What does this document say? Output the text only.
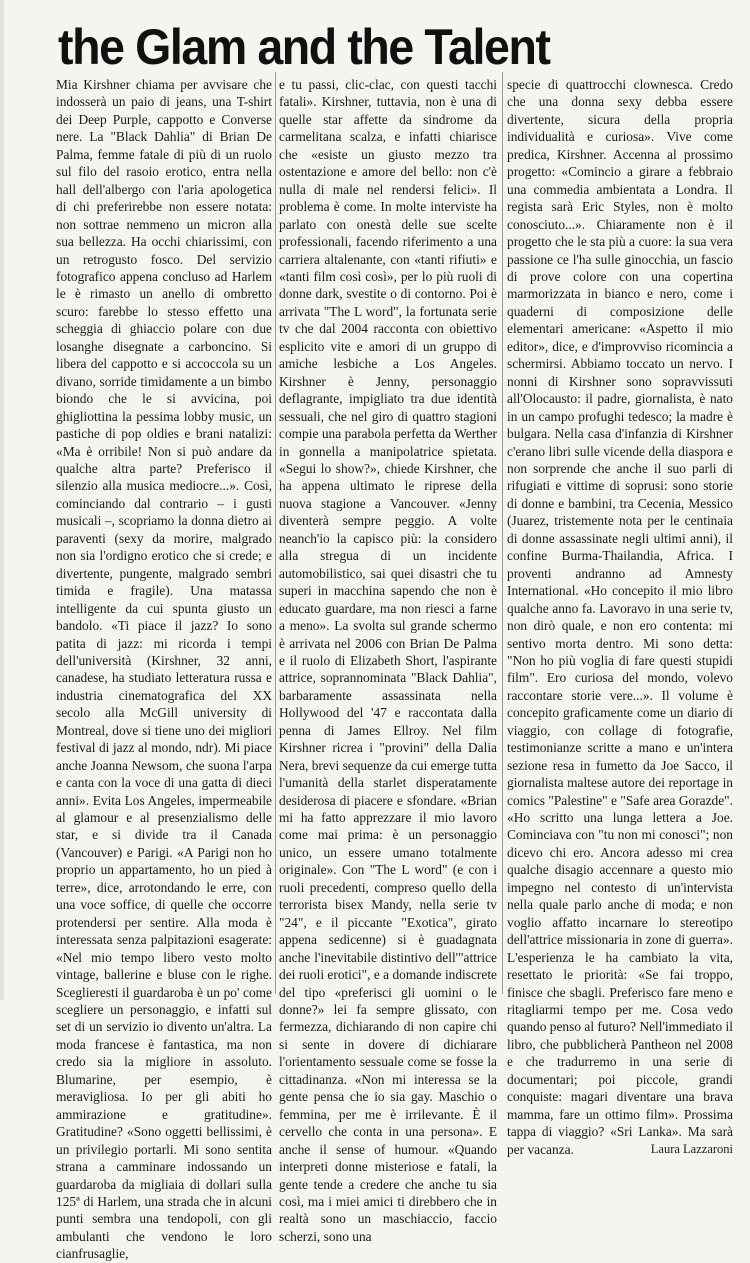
the Glam and the Talent

Mia Kirshner chiama per avvisare che indosserà un paio di jeans, una T-shirt dei Deep Purple, cappotto e Converse nere. La "Black Dahlia" di Brian De Palma, femme fatale di più di un ruolo sul filo del rasoio erotico, entra nella hall dell'albergo con l'aria apologetica di chi preferirebbe non essere notata: non sottrae nemmeno un micron alla sua bellezza. Ha occhi chiarissimi, con un retrogusto fosco. Del servizio fotografico appena concluso ad Harlem le è rimasto un anello di ombretto scuro: farebbe lo stesso effetto una scheggia di ghiaccio polare con due losanghe disegnate a carboncino. Si libera del cappotto e si accoccola su un divano, sorride timidamente a un bimbo biondo che le si avvicina, poi ghigliottina la pessima lobby music, un pastiche di pop oldies e brani natalizi: «Ma è orribile! Non si può andare da qualche altra parte? Preferisco il silenzio alla musica mediocre...». Così, cominciando dal contrario – i gusti musicali –, scopriamo la donna dietro ai paraventi (sexy da morire, malgrado non sia l'ordigno erotico che si crede; e divertente, pungente, malgrado sembri timida e fragile). Una matassa intelligente da cui spunta giusto un bandolo. «Ti piace il jazz? Io sono patita di jazz: mi ricorda i tempi dell'università (Kirshner, 32 anni, canadese, ha studiato letteratura russa e industria cinematografica del XX secolo alla McGill university di Montreal, dove si tiene uno dei migliori festival di jazz al mondo, ndr). Mi piace anche Joanna Newsom, che suona l'arpa e canta con la voce di una gatta di dieci anni». Evita Los Angeles, impermeabile al glamour e al presenzialismo delle star, e si divide tra il Canada (Vancouver) e Parigi. «A Parigi non ho proprio un appartamento, ho un pied à terre», dice, arrotondando le erre, con una voce soffice, di quelle che occorre protendersi per sentire. Alla moda è interessata senza palpitazioni esagerate: «Nel mio tempo libero vesto molto vintage, ballerine e bluse con le righe. Sceglieresti il guardaroba è un po' come scegliere un personaggio, e infatti sul set di un servizio io divento un'altra. La moda francese è fantastica, ma non credo sia la migliore in assoluto. Blumarine, per esempio, è meravigliosa. Io per gli abiti ho ammirazione e gratitudine». Gratitudine? «Sono oggetti bellissimi, è un privilegio portarli. Mi sono sentita strana a camminare indossando un guardaroba da migliaia di dollari sulla 125ª di Harlem, una strada che in alcuni punti sembra una tendopoli, con gli ambulanti che vendono le loro cianfrusaglie,

e tu passi, clic-clac, con questi tacchi fatali». Kirshner, tuttavia, non è una di quelle star affette da sindrome da carmelitana scalza, e infatti chiarisce che «esiste un giusto mezzo tra ostentazione e amore del bello: non c'è nulla di male nel rendersi felici». Il problema è come. In molte interviste ha parlato con onestà delle sue scelte professionali, facendo riferimento a una carriera altalenante, con «tanti rifiuti» e «tanti film così così», per lo più ruoli di donne dark, svestite o di contorno. Poi è arrivata "The L word", la fortunata serie tv che dal 2004 racconta con obiettivo esplicito vite e amori di un gruppo di amiche lesbiche a Los Angeles. Kirshner è Jenny, personaggio deflagrante, impigliato tra due identità sessuali, che nel giro di quattro stagioni compie una parabola perfetta da Werther in gonnella a manipolatrice spietata. «Segui lo show?», chiede Kirshner, che ha appena ultimato le riprese della nuova stagione a Vancouver. «Jenny diventerà sempre peggio. A volte neanch'io la capisco più: la considero alla stregua di un incidente automobilistico, sai quei disastri che tu superi in macchina sapendo che non è educato guardare, ma non riesci a farne a meno». La svolta sul grande schermo è arrivata nel 2006 con Brian De Palma e il ruolo di Elizabeth Short, l'aspirante attrice, soprannominata "Black Dahlia", barbaramente assassinata nella Hollywood del '47 e raccontata dalla penna di James Ellroy. Nel film Kirshner ricrea i "provini" della Dalia Nera, brevi sequenze da cui emerge tutta l'umanità della starlet disperatamente desiderosa di piacere e sfondare. «Brian mi ha fatto apprezzare il mio lavoro come mai prima: è un personaggio unico, un essere umano totalmente originale». Con "The L word" (e con i ruoli precedenti, compreso quello della terrorista bisex Mandy, nella serie tv "24", e il piccante "Exotica", giratо appena sedicenne) si è guadagnata anche l'inevitabile distintivo dell'"attrice dei ruoli erotici", e a domande indiscrete del tipo «preferisci gli uomini o le donne?» lei fa sempre glissato, con fermezza, dichiarando di non capire chi si sente in dovere di dichiarare l'orientamento sessuale come se fosse la cittadinanza. «Non mi interessa se la gente pensa che io sia gay. Maschio o femmina, per me è irrilevante. È il cervello che conta in una persona». E anche il sense of humour. «Quando interpreti donne misteriose e fatali, la gente tende a credere che anche tu sia così, ma i miei amici ti direbbero che in realtà sono un maschiaccio, faccio scherzi, sono una

specie di quattrocchi clownesca. Credo che una donna sexy debba essere divertente, sicura della propria individualità e curiosa». Vive come predica, Kirshner. Accenna al prossimo progetto: «Comincio a girare a febbraio una commedia ambientata a Londra. Il regista sarà Eric Styles, non è molto conosciuto...». Chiaramente non è il progetto che le sta più a cuore: la sua vera passione ce l'ha sulle ginocchia, un fascio di prove colore con una copertina marmorizzata in bianco e nero, come i quaderni di composizione delle elementari americane: «Aspetto il mio editor», dice, e d'improvviso ricomincia a schermirsi. Abbiamo toccato un nervo. I nonni di Kirshner sono sopravvissuti all'Olocausto: il padre, giornalista, è nato in un campo profughi tedesco; la madre è bulgara. Nella casa d'infanzia di Kirshner c'erano libri sulle vicende della diaspora e non sorprende che anche il suo parli di rifugiati e vittime di soprusi: sono storie di donne e bambini, tra Cecenia, Messico (Juarez, tristemente nota per le centinaia di donne assassinate negli ultimi anni), il confine Burma-Thailandia, Africa. I proventi andranno ad Amnesty International. «Ho concepito il mio libro qualche anno fa. Lavoravo in una serie tv, non dirò quale, e non ero contenta: mi sentivo morta dentro. Mi sono detta: "Non ho più voglia di fare questi stupidi film". Ero curiosa del mondo, volevo raccontare storie vere...». Il volume è concepito graficamente come un diario di viaggio, con collage di fotografie, testimonianze scritte a mano e un'intera sezione resa in fumetto da Joe Sacco, il giornalista maltese autore dei reportage in comics "Palestine" e "Safe area Gorazde". «Ho scritto una lunga lettera a Joe. Cominciava con "tu non mi conosci"; non dicevo chi ero. Ancora adesso mi crea qualche disagio accennare a questo mio impegno nel contesto di un'intervista nella quale parlo anche di moda; e non voglio affatto incarnare lo stereotipo dell'attrice missionaria in zone di guerra». L'esperienza le ha cambiato la vita, resettato le priorità: «Se fai troppo, finisce che sbagli. Preferisco fare meno e ritagliarmi tempo per me. Cosa vedo quando penso al futuro? Nell'immediato il libro, che pubblicherà Pantheon nel 2008 e che tradurremo in una serie di documentari; poi piccole, grandi conquiste: magari diventare una brava mamma, fare un ottimo film». Prossima tappa di viaggio? «Sri Lanka». Ma sarà per vacanza.	Laura Lazzaroni
